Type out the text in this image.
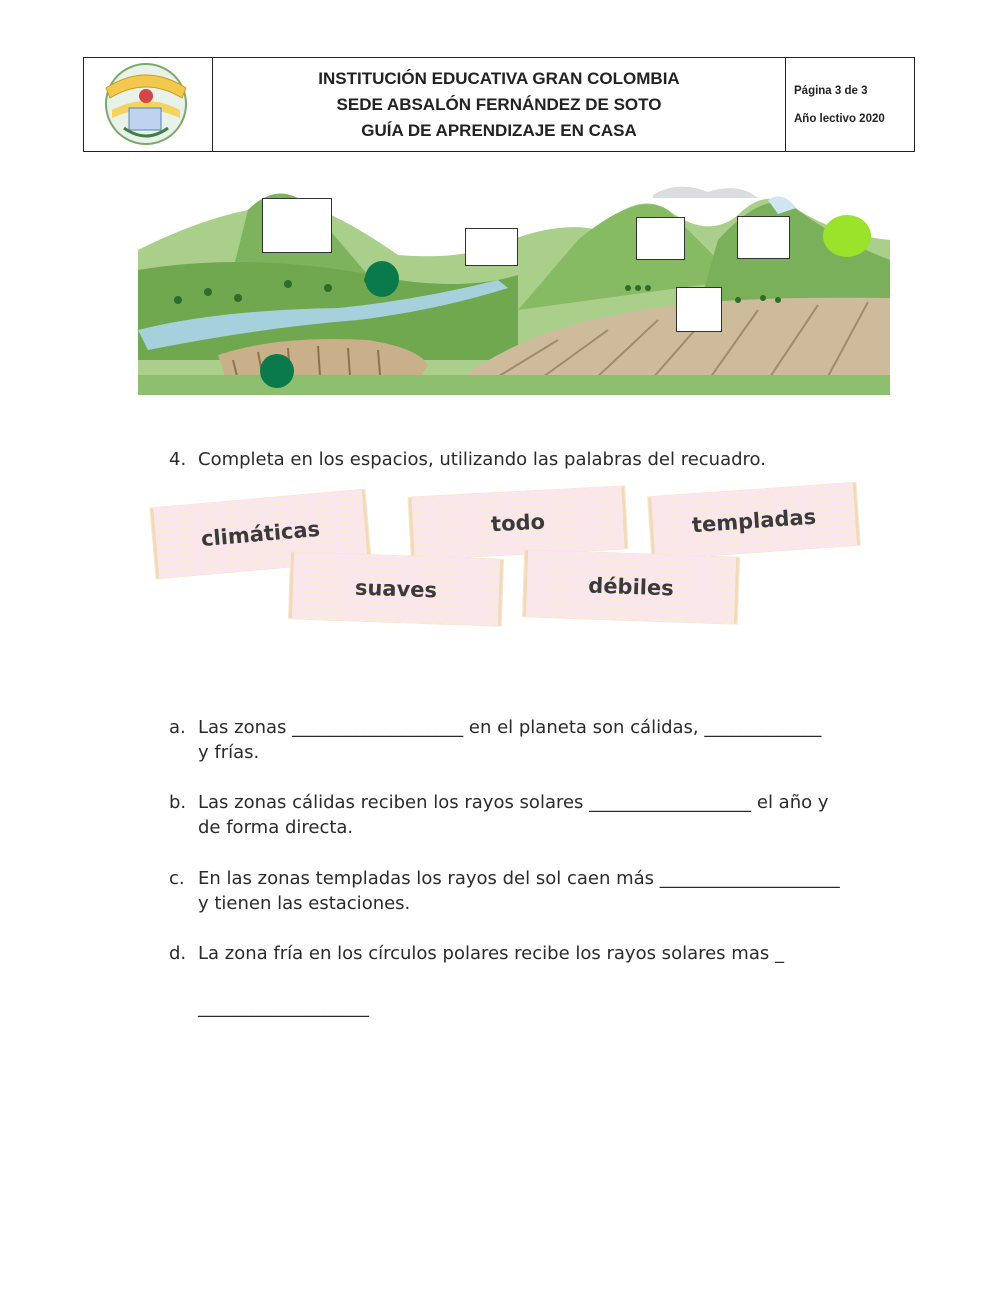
INSTITUCIÓN EDUCATIVA GRAN COLOMBIA
SEDE ABSALÓN FERNÁNDEZ DE SOTO
GUÍA DE APRENDIZAJE EN CASA
Página 3 de 3
Año lectivo 2020
4. Completa en los espacios, utilizando las palabras del recuadro.
climáticas	todo	templadas
suaves	débiles
a. Las zonas ___________________ en el planeta son cálidas, _____________
y frías.
b. Las zonas cálidas reciben los rayos solares __________________ el año y
de forma directa.
c. En las zonas templadas los rayos del sol caen más ____________________
y tienen las estaciones.
d. La zona fría en los círculos polares recibe los rayos solares mas _
___________________
